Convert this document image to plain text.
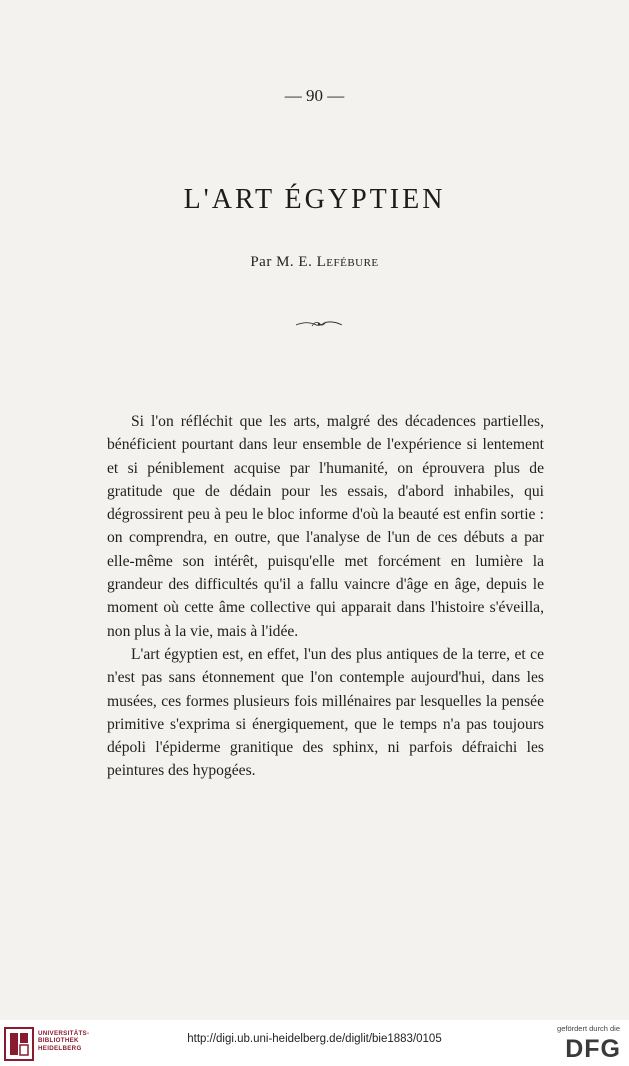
— 90 —
L'ART ÉGYPTIEN
Par M. E. Lefébure

Si l'on réfléchit que les arts, malgré des décadences partielles, bénéficient pourtant dans leur ensemble de l'expérience si lentement et si péniblement acquise par l'humanité, on éprouvera plus de gratitude que de dédain pour les essais, d'abord inhabiles, qui dégrossirent peu à peu le bloc informe d'où la beauté est enfin sortie : on comprendra, en outre, que l'analyse de l'un de ces débuts a par elle-même son intérêt, puisqu'elle met forcément en lumière la grandeur des difficultés qu'il a fallu vaincre d'âge en âge, depuis le moment où cette âme collective qui apparait dans l'histoire s'éveilla, non plus à la vie, mais à l'idée.

L'art égyptien est, en effet, l'un des plus antiques de la terre, et ce n'est pas sans étonnement que l'on contemple aujourd'hui, dans les musées, ces formes plusieurs fois millénaires par lesquelles la pensée primitive s'exprima si énergiquement, que le temps n'a pas toujours dépoli l'épiderme granitique des sphinx, ni parfois défraichi les peintures des hypogées.

UNIVERSITÄTS-
BIBLIOTHEK
HEIDELBERG
http://digi.ub.uni-heidelberg.de/diglit/bie1883/0105
gefördert durch die
DFG
